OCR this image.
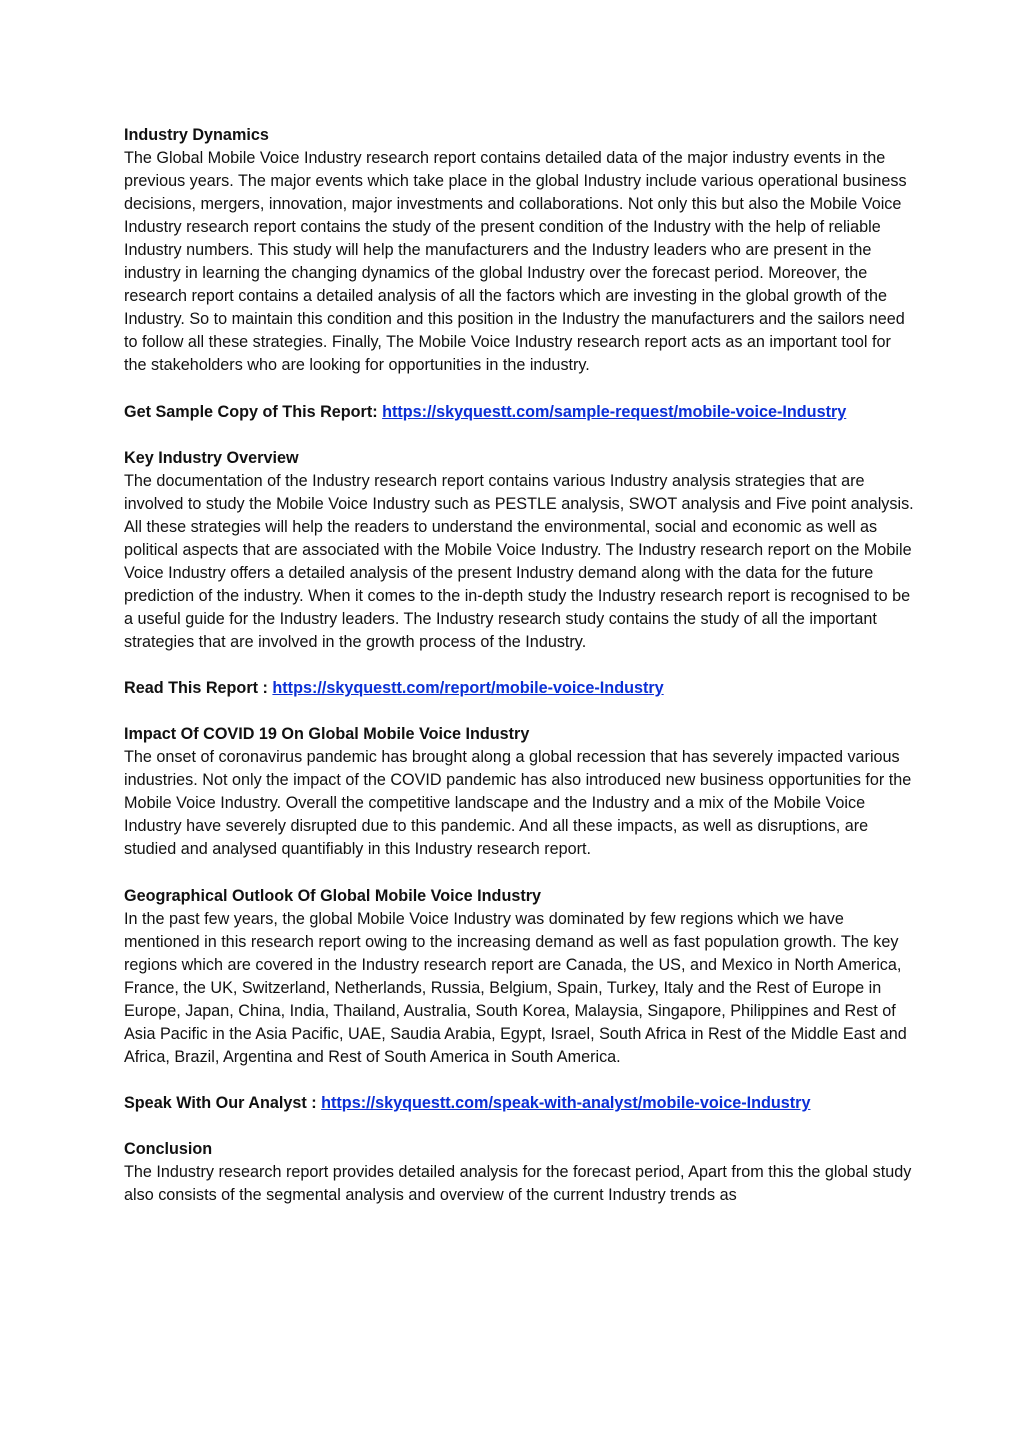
Industry Dynamics

The Global Mobile Voice Industry research report contains detailed data of the major industry events in the previous years. The major events which take place in the global Industry include various operational business decisions, mergers, innovation, major investments and collaborations. Not only this but also the Mobile Voice Industry research report contains the study of the present condition of the Industry with the help of reliable Industry numbers. This study will help the manufacturers and the Industry leaders who are present in the industry in learning the changing dynamics of the global Industry over the forecast period. Moreover, the research report contains a detailed analysis of all the factors which are investing in the global growth of the Industry. So to maintain this condition and this position in the Industry the manufacturers and the sailors need to follow all these strategies. Finally, The Mobile Voice Industry research report acts as an important tool for the stakeholders who are looking for opportunities in the industry.

Get Sample Copy of This Report: https://skyquestt.com/sample-request/mobile-voice-Industry
Key Industry Overview

The documentation of the Industry research report contains various Industry analysis strategies that are involved to study the Mobile Voice Industry such as PESTLE analysis, SWOT analysis and Five point analysis. All these strategies will help the readers to understand the environmental, social and economic as well as political aspects that are associated with the Mobile Voice Industry. The Industry research report on the Mobile Voice Industry offers a detailed analysis of the present Industry demand along with the data for the future prediction of the industry. When it comes to the in-depth study the Industry research report is recognised to be a useful guide for the Industry leaders. The Industry research study contains the study of all the important strategies that are involved in the growth process of the Industry.

Read This Report : https://skyquestt.com/report/mobile-voice-Industry
Impact Of COVID 19 On Global Mobile Voice Industry

The onset of coronavirus pandemic has brought along a global recession that has severely impacted various industries. Not only the impact of the COVID pandemic has also introduced new business opportunities for the Mobile Voice Industry. Overall the competitive landscape and the Industry and a mix of the Mobile Voice Industry have severely disrupted due to this pandemic. And all these impacts, as well as disruptions, are studied and analysed quantifiably in this Industry research report.

Geographical Outlook Of Global Mobile Voice Industry

In the past few years, the global Mobile Voice Industry was dominated by few regions which we have mentioned in this research report owing to the increasing demand as well as fast population growth. The key regions which are covered in the Industry research report are Canada, the US, and Mexico in North America, France, the UK, Switzerland, Netherlands, Russia, Belgium, Spain, Turkey, Italy and the Rest of Europe in Europe, Japan, China, India, Thailand, Australia, South Korea, Malaysia, Singapore, Philippines and Rest of Asia Pacific in the Asia Pacific, UAE, Saudia Arabia, Egypt, Israel, South Africa in Rest of the Middle East and Africa, Brazil, Argentina and Rest of South America in South America.

Speak With Our Analyst : https://skyquestt.com/speak-with-analyst/mobile-voice-Industry
Conclusion

The Industry research report provides detailed analysis for the forecast period, Apart from this the global study also consists of the segmental analysis and overview of the current Industry trends as
